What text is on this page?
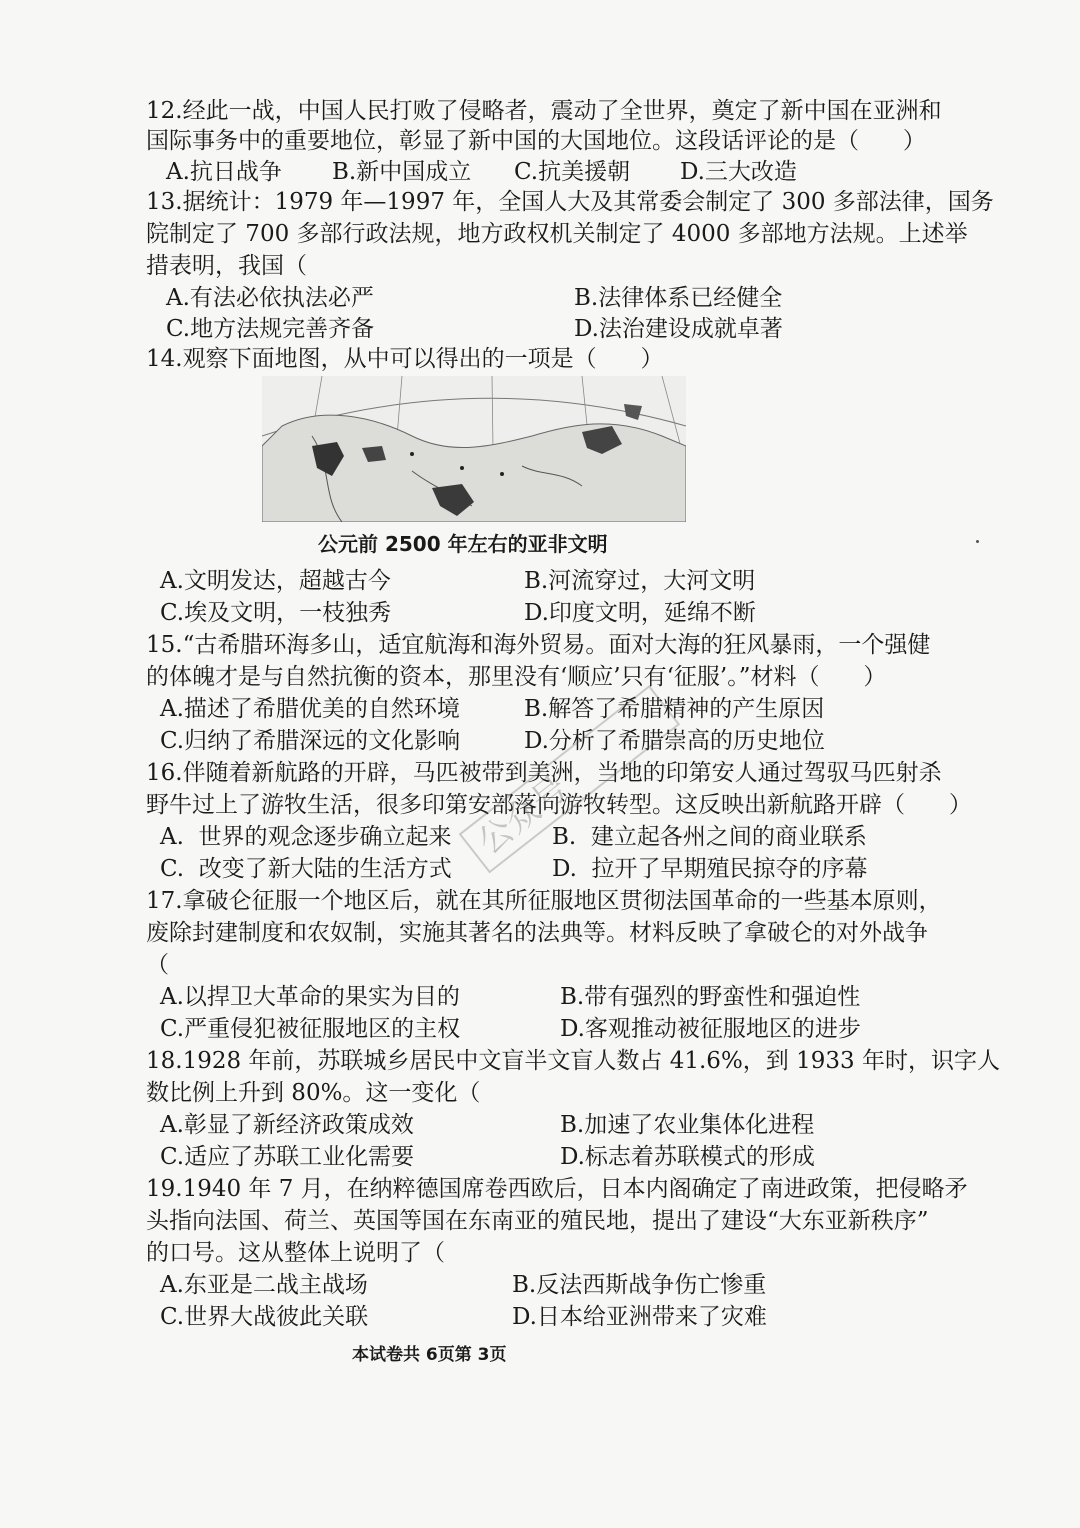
12.经此一战，中国人民打败了侵略者，震动了全世界，奠定了新中国在亚洲和
国际事务中的重要地位，彰显了新中国的大国地位。这段话评论的是（      ）
A.抗日战争 B.新中国成立 C.抗美援朝 D.三大改造
13.据统计：1979 年—1997 年，全国人大及其常委会制定了 300 多部法律，国务
院制定了 700 多部行政法规，地方政权机关制定了 4000 多部地方法规。上述举
措表明，我国（
A.有法必依执法必严	B.法律体系已经健全
C.地方法规完善齐备	D.法治建设成就卓著
14.观察下面地图，从中可以得出的一项是（      ）
公元前 2500 年左右的亚非文明
A.文明发达，超越古今	B.河流穿过，大河文明
C.埃及文明，一枝独秀	D.印度文明，延绵不断
15.“古希腊环海多山，适宜航海和海外贸易。面对大海的狂风暴雨，一个强健
的体魄才是与自然抗衡的资本，那里没有‘顺应’只有‘征服’。”材料（      ）
A.描述了希腊优美的自然环境	B.解答了希腊精神的产生原因
C.归纳了希腊深远的文化影响	D.分析了希腊崇高的历史地位
16.伴随着新航路的开辟，马匹被带到美洲，当地的印第安人通过驾驭马匹射杀
野牛过上了游牧生活，很多印第安部落向游牧转型。这反映出新航路开辟（      ）
A.  世界的观念逐步确立起来	B.  建立起各州之间的商业联系
C.  改变了新大陆的生活方式	D.  拉开了早期殖民掠夺的序幕
17.拿破仑征服一个地区后，就在其所征服地区贯彻法国革命的一些基本原则，
废除封建制度和农奴制，实施其著名的法典等。材料反映了拿破仑的对外战争
（
A.以捍卫大革命的果实为目的	B.带有强烈的野蛮性和强迫性
C.严重侵犯被征服地区的主权	D.客观推动被征服地区的进步
18.1928 年前，苏联城乡居民中文盲半文盲人数占 41.6%，到 1933 年时，识字人
数比例上升到 80%。这一变化（
A.彰显了新经济政策成效	B.加速了农业集体化进程
C.适应了苏联工业化需要	D.标志着苏联模式的形成
19.1940 年 7 月，在纳粹德国席卷西欧后，日本内阁确定了南进政策，把侵略矛
头指向法国、荷兰、英国等国在东南亚的殖民地，提出了建设“大东亚新秩序”
的口号。这从整体上说明了（
A.东亚是二战主战场	B.反法西斯战争伤亡惨重
C.世界大战彼此关联	D.日本给亚洲带来了灾难
本试卷共 6页第 3页
公众号
